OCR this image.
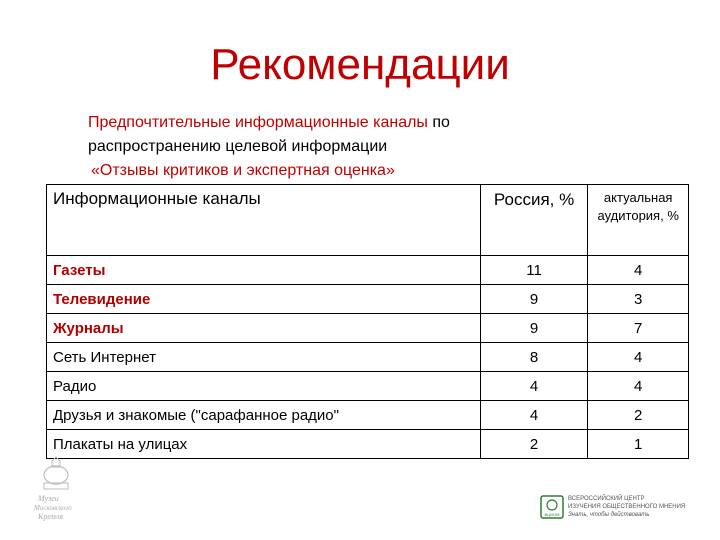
Рекомендации
Предпочтительные информационные каналы по распространению целевой информации
«Отзывы критиков и экспертная оценка»
Информационные каналы	Россия, %	актуальная аудитория, %
Газеты	11	4
Телевидение	9	3
Журналы	9	7
Сеть Интернет	8	4
Радио	4	4
Друзья и знакомые ("сарафанное радио"	4	2
Плакаты на улицах	2	1
Музеи
Московского
Кремля	ВЦИОМ
ВСЕРОССИЙСКИЙ ЦЕНТР
ИЗУЧЕНИЯ ОБЩЕСТВЕННОГО МНЕНИЯ
Знать, чтобы действовать
